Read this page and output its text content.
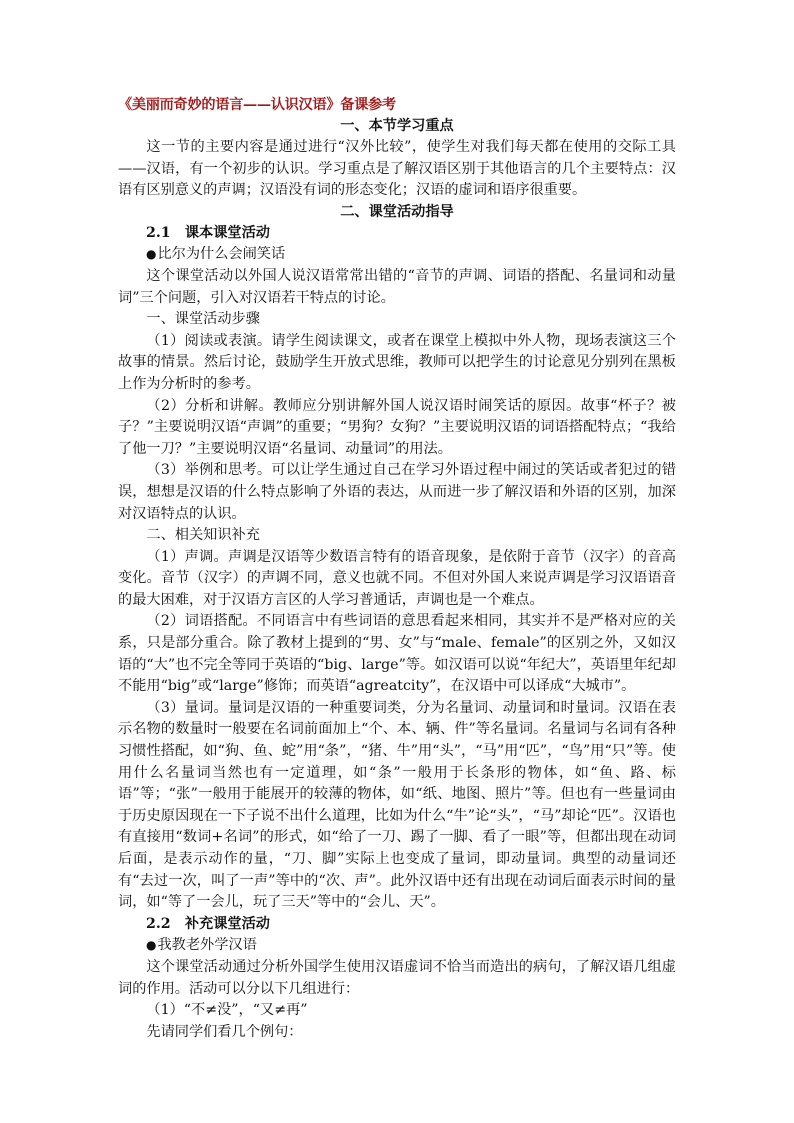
《美丽而奇妙的语言——认识汉语》备课参考

一、本节学习重点

这一节的主要内容是通过进行“汉外比较”，使学生对我们每天都在使用的交际工具——汉语，有一个初步的认识。学习重点是了解汉语区别于其他语言的几个主要特点：汉语有区别意义的声调；汉语没有词的形态变化；汉语的虚词和语序很重要。

二、课堂活动指导

2.1　课本课堂活动

●比尔为什么会闹笑话

这个课堂活动以外国人说汉语常常出错的“音节的声调、词语的搭配、名量词和动量词”三个问题，引入对汉语若干特点的讨论。

一、课堂活动步骤

（1）阅读或表演。请学生阅读课文，或者在课堂上模拟中外人物，现场表演这三个故事的情景。然后讨论，鼓励学生开放式思维，教师可以把学生的讨论意见分别列在黑板上作为分析时的参考。

（2）分析和讲解。教师应分别讲解外国人说汉语时闹笑话的原因。故事“杯子？被子？”主要说明汉语“声调”的重要；“男狗？女狗？”主要说明汉语的词语搭配特点；“我给了他一刀？”主要说明汉语“名量词、动量词”的用法。

（3）举例和思考。可以让学生通过自己在学习外语过程中闹过的笑话或者犯过的错误，想想是汉语的什么特点影响了外语的表达，从而进一步了解汉语和外语的区别，加深对汉语特点的认识。

二、相关知识补充

（1）声调。声调是汉语等少数语言特有的语音现象，是依附于音节（汉字）的音高变化。音节（汉字）的声调不同，意义也就不同。不但对外国人来说声调是学习汉语语音的最大困难，对于汉语方言区的人学习普通话，声调也是一个难点。

（2）词语搭配。不同语言中有些词语的意思看起来相同，其实并不是严格对应的关系，只是部分重合。除了教材上提到的“男、女”与“male、female”的区别之外，又如汉语的“大”也不完全等同于英语的“big、large”等。如汉语可以说“年纪大”，英语里年纪却不能用“big”或“large”修饰；而英语“agreatcity”，在汉语中可以译成“大城市”。

（3）量词。量词是汉语的一种重要词类，分为名量词、动量词和时量词。汉语在表示名物的数量时一般要在名词前面加上“个、本、辆、件”等名量词。名量词与名词有各种习惯性搭配，如“狗、鱼、蛇”用“条”，“猪、牛”用“头”，“马”用“匹”，“鸟”用“只”等。使用什么名量词当然也有一定道理，如“条”一般用于长条形的物体，如“鱼、路、标语”等；“张”一般用于能展开的较薄的物体，如“纸、地图、照片”等。但也有一些量词由于历史原因现在一下子说不出什么道理，比如为什么“牛”论“头”，“马”却论“匹”。汉语也有直接用“数词+名词”的形式，如“给了一刀、踢了一脚、看了一眼”等，但都出现在动词后面，是表示动作的量，“刀、脚”实际上也变成了量词，即动量词。典型的动量词还有“去过一次，叫了一声”等中的“次、声”。此外汉语中还有出现在动词后面表示时间的量词，如“等了一会儿，玩了三天”等中的“会儿、天”。

2.2　补充课堂活动

●我教老外学汉语

这个课堂活动通过分析外国学生使用汉语虚词不恰当而造出的病句，了解汉语几组虚词的作用。活动可以分以下几组进行：

（1）“不≠没”，“又≠再”

先请同学们看几个例句：
